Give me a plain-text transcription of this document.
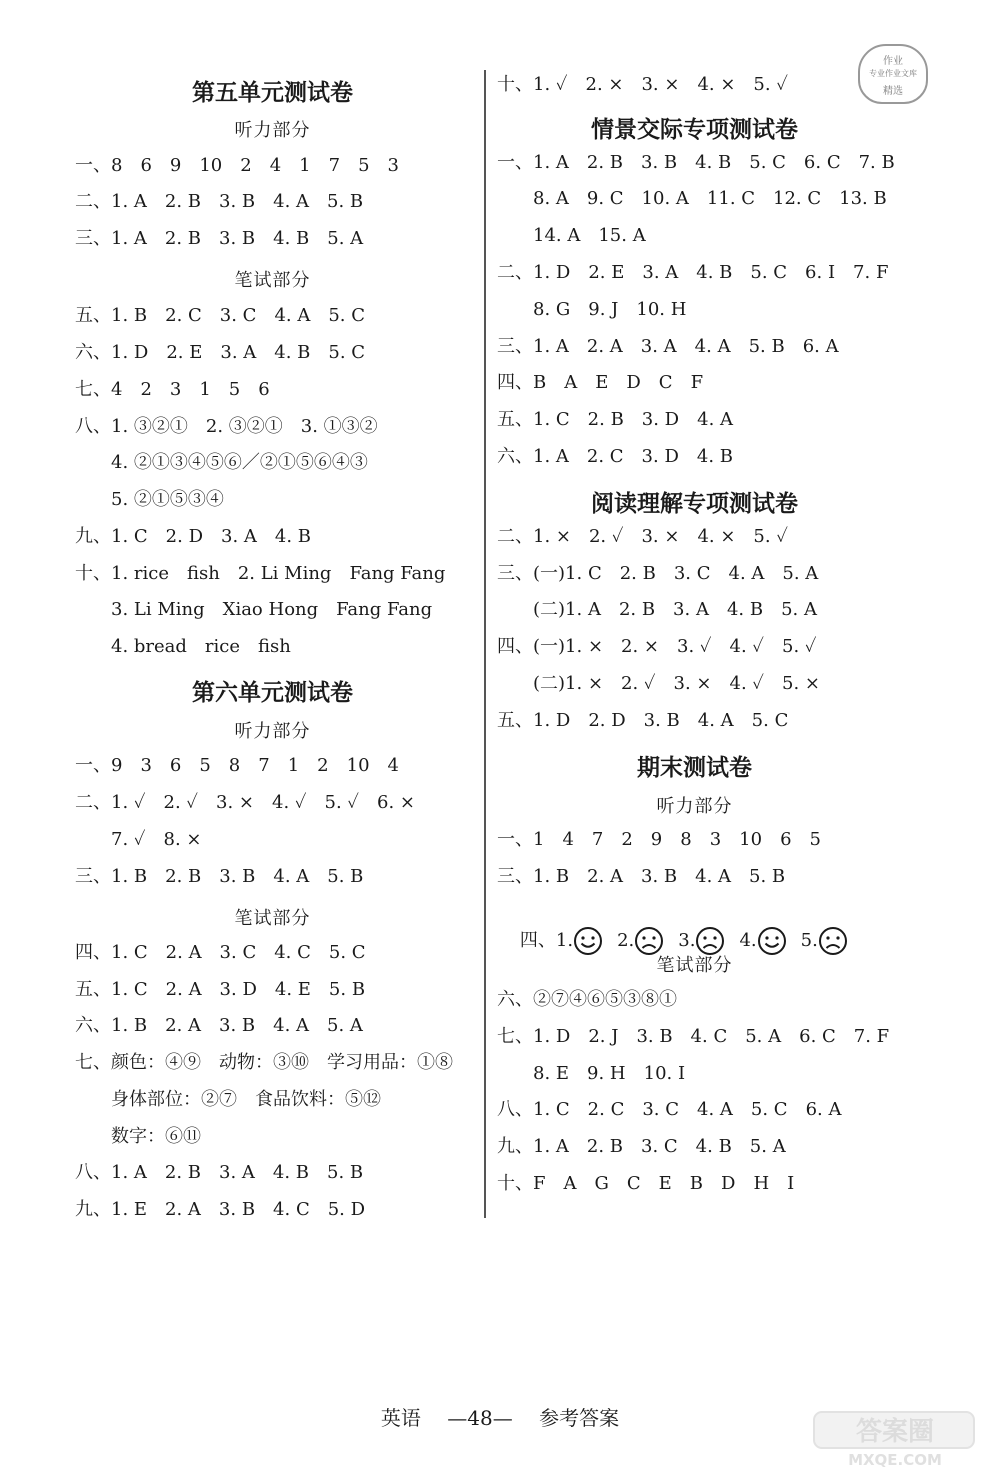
第五单元测试卷
听力部分
一、8　6　9　10　2　4　1　7　5　3
二、1. A　2. B　3. B　4. A　5. B
三、1. A　2. B　3. B　4. B　5. A
笔试部分
五、1. B　2. C　3. C　4. A　5. C
六、1. D　2. E　3. A　4. B　5. C
七、4　2　3　1　5　6
八、1. ③②①　2. ③②①　3. ①③②
　　4. ②①③④⑤⑥／②①⑤⑥④③
　　5. ②①⑤③④
九、1. C　2. D　3. A　4. B
十、1. rice　fish　2. Li Ming　Fang Fang
　　3. Li Ming　Xiao Hong　Fang Fang
　　4. bread　rice　fish
第六单元测试卷
听力部分
一、9　3　6　5　8　7　1　2　10　4
二、1. ✓　2. ✓　3. ×　4. ✓　5. ✓　6. ×
　　7. ✓　8. ×
三、1. B　2. B　3. B　4. A　5. B
笔试部分
四、1. C　2. A　3. C　4. C　5. C
五、1. C　2. A　3. D　4. E　5. B
六、1. B　2. A　3. B　4. A　5. A
七、颜色：④⑨　动物：③⑩　学习用品：①⑧
　　身体部位：②⑦　食品饮料：⑤⑫
　　数字：⑥⑪
八、1. A　2. B　3. A　4. B　5. B
九、1. E　2. A　3. B　4. C　5. D
十、1. ✓　2. ×　3. ×　4. ×　5. ✓
情景交际专项测试卷
一、1. A　2. B　3. B　4. B　5. C　6. C　7. B
　　8. A　9. C　10. A　11. C　12. C　13. B
　　14. A　15. A
二、1. D　2. E　3. A　4. B　5. C　6. I　7. F
　　8. G　9. J　10. H
三、1. A　2. A　3. A　4. A　5. B　6. A
四、B　A　E　D　C　F
五、1. C　2. B　3. D　4. A
六、1. A　2. C　3. D　4. B
阅读理解专项测试卷
二、1. ×　2. ✓　3. ×　4. ×　5. ✓
三、(一)1. C　2. B　3. C　4. A　5. A
　　(二)1. A　2. B　3. A　4. B　5. A
四、(一)1. ×　2. ×　3. ✓　4. ✓　5. ✓
　　(二)1. ×　2. ✓　3. ×　4. ✓　5. ×
五、1. D　2. D　3. B　4. A　5. C
期末测试卷
听力部分
一、1　4　7　2　9　8　3　10　6　5
三、1. B　2. A　3. B　4. A　5. B

四、1. 2. 3. 4. 5.

笔试部分
六、②⑦④⑥⑤③⑧①
七、1. D　2. J　3. B　4. C　5. A　6. C　7. F
　　8. E　9. H　10. I
八、1. C　2. C　3. C　4. A　5. C　6. A
九、1. A　2. B　3. C　4. B　5. A
十、F　A　G　C　E　B　D　H　I
作业
专业作业文库
精选
英语 —48— 参考答案	答案圈
MXQE.COM
